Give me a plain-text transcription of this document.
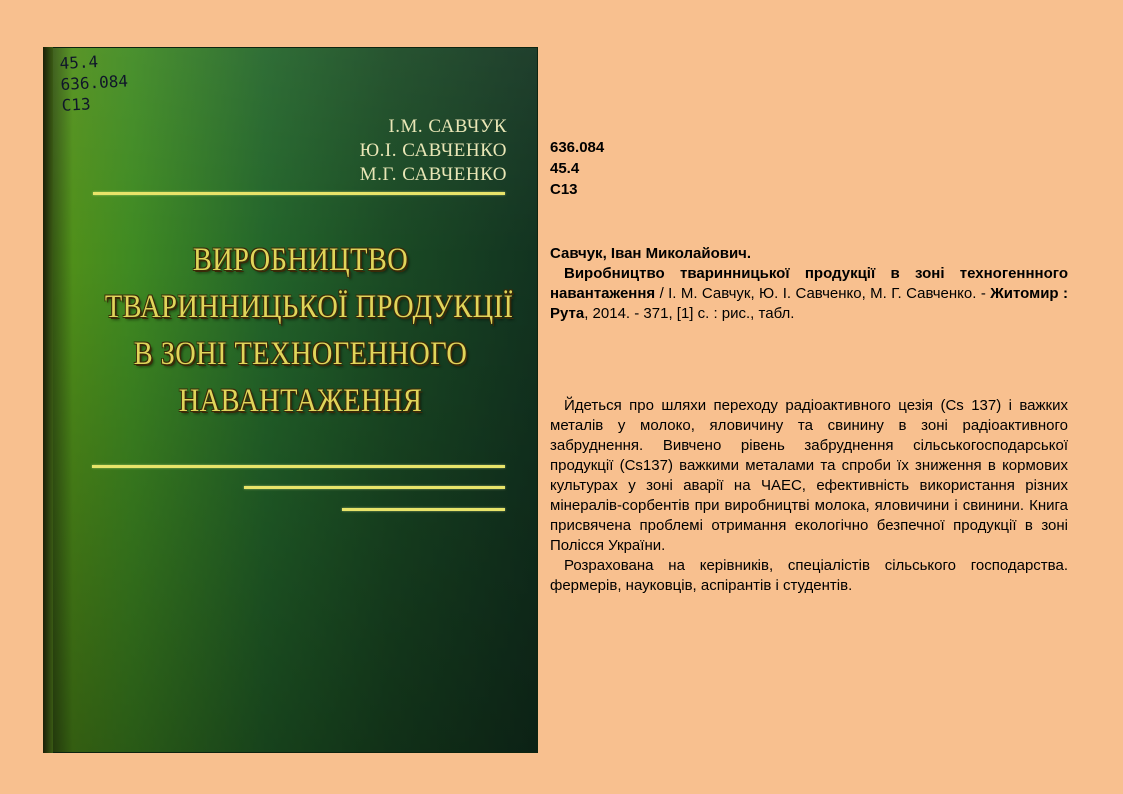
45.4
636.084
С13
І.М. САВЧУК
Ю.І. САВЧЕНКО
М.Г. САВЧЕНКО
ВИРОБНИЦТВО
ТВАРИННИЦЬКОЇ ПРОДУКЦІЇ
В ЗОНІ ТЕХНОГЕННОГО
НАВАНТАЖЕННЯ
636.084
45.4
С13

Савчук, Іван Миколайович.

Виробництво тваринницької продукції в зоні техногеннного навантаження / І. М. Савчук, Ю. І. Савченко, М. Г. Савченко. - Житомир : Рута, 2014. - 371, [1] с. : рис., табл.

Йдеться про шляхи переходу радіоактивного цезія (Cs 137) і важких металів у молоко, яловичину та свинину в зоні радіоактивного забруднення. Вивчено рівень забруднення сільськогосподарської продукції (Cs137) важкими металами та спроби їх зниження в кормових культурах у зоні аварії на ЧАЕС, ефективність використання різних мінералів-сорбентів при виробництві молока, яловичини і свинини. Книга присвячена проблемі отримання екологічно безпечної продукції в зоні Полісся України.

Розрахована на керівників, спеціалістів сільського господарства. фермерів, науковців, аспірантів і студентів.
